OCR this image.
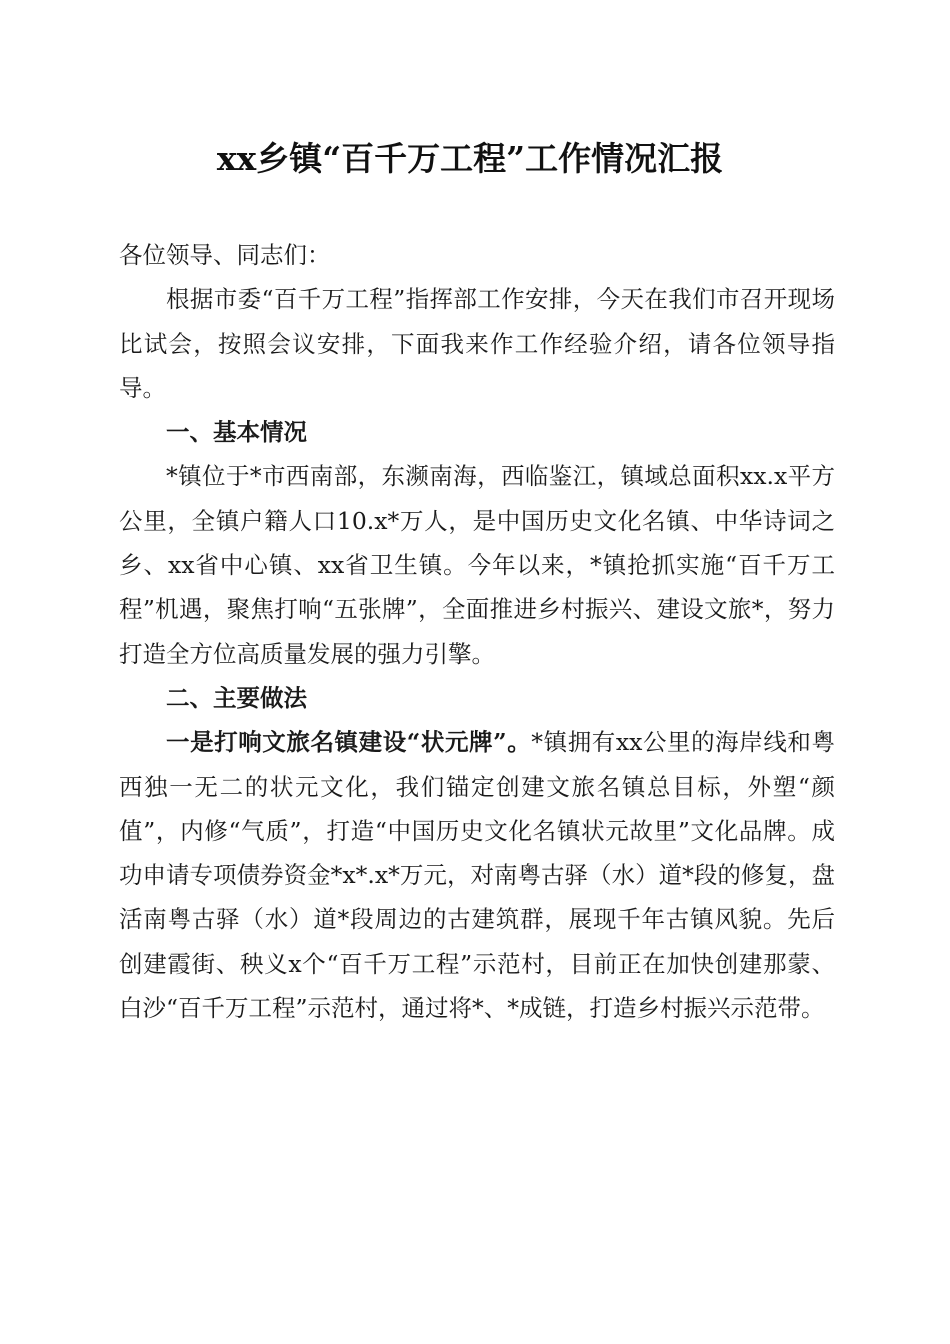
xx乡镇“百千万工程”工作情况汇报

各位领导、同志们：

根据市委“百千万工程”指挥部工作安排，今天在我们市召开现场比试会，按照会议安排，下面我来作工作经验介绍，请各位领导指导。

一、基本情况

*镇位于*市西南部，东濒南海，西临鉴江，镇域总面积xx.x平方公里，全镇户籍人口10.x*万人，是中国历史文化名镇、中华诗词之乡、xx省中心镇、xx省卫生镇。今年以来，*镇抢抓实施“百千万工程”机遇，聚焦打响“五张牌”，全面推进乡村振兴、建设文旅*，努力打造全方位高质量发展的强力引擎。

二、主要做法

一是打响文旅名镇建设“状元牌”。*镇拥有xx公里的海岸线和粤西独一无二的状元文化，我们锚定创建文旅名镇总目标，外塑“颜值”，内修“气质”，打造“中国历史文化名镇状元故里”文化品牌。成功申请专项债券资金*x*.x*万元，对南粤古驿（水）道*段的修复，盘活南粤古驿（水）道*段周边的古建筑群，展现千年古镇风貌。先后创建霞街、秧义x个“百千万工程”示范村，目前正在加快创建那蒙、白沙“百千万工程”示范村，通过将*、*成链，打造乡村振兴示范带。
